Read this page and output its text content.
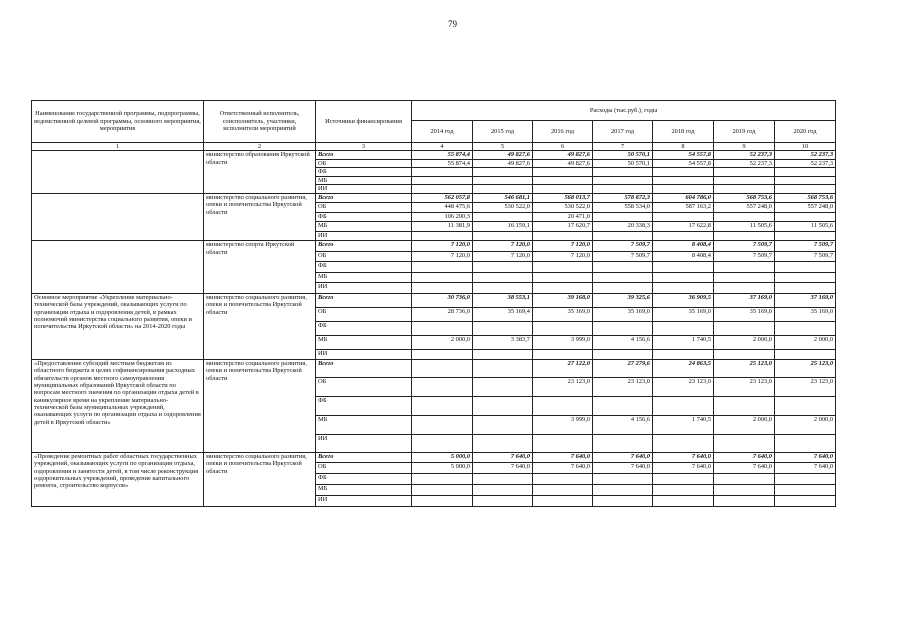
79
Наименование государственной программы, подпрограммы, ведомственной целевой программы, основного мероприятия, мероприятия	Ответственный исполнитель, соисполнитель, участники, исполнители мероприятий	Источники финансирования	Расходы (тыс.руб.), годы						
			2014 год	2015 год	2016 год	2017 год	2018 год	2019 год	2020 год
1	2	3	4	5	6	7	8	9	10
	министерство образования Иркутской области	Всего	55 874,4	49 827,6	49 827,6	50 570,1	54 557,8	52 237,3	52 237,3
		ОБ	55 874,4	49 827,6	49 827,6	50 570,1	54 557,8	52 237,3	52 237,3
		ФБ							
		МБ							
		ИИ							
	министерство социального развития, опеки и попечительства Иркутской области	Всего	562 057,8	546 681,1	568 013,7	578 872,3	604 786,0	568 753,6	568 753,6
		ОБ	448 475,6	530 522,0	530 522,0	558 534,0	587 163,2	557 248,0	557 248,0
		ФБ	106 200,3		20 471,0				
		МБ	11 381,9	16 159,1	17 620,7	20 338,3	17 622,8	11 505,6	11 505,6
		ИИ							
	министерство спорта Иркутской области	Всего	7 120,0	7 120,0	7 120,0	7 509,7	8 408,4	7 509,7	7 509,7
		ОБ	7 120,0	7 120,0	7 120,0	7 509,7	8 408,4	7 509,7	7 509,7
		ФБ							
		МБ							
		ИИ							
Основное мероприятие «Укрепление материально-технической базы учреждений, оказывающих услуги по организации отдыха и оздоровления детей, в рамках полномочий министерства социального развития, опеки и попечительства Иркутской области» на 2014-2020 годы	министерство социального развития, опеки и попечительства Иркутской области	Всего	30 736,0	38 553,1	39 168,0	39 325,6	36 909,5	37 169,0	37 169,0
		ОБ	28 736,0	35 169,4	35 169,0	35 169,0	35 169,0	35 169,0	35 169,0
		ФБ							
		МБ	2 000,0	3 383,7	3 999,0	4 156,6	1 740,5	2 000,0	2 000,0
		ИИ							
«Предоставление субсидий местным бюджетам из областного бюджета в целях софинансирования расходных обязательств органов местного самоуправления муниципальных образований Иркутской области по вопросам местного значения по организации отдыха детей в каникулярное время на укрепление материально-технической базы муниципальных учреждений, оказывающих услуги по организации отдыха и оздоровления детей в Иркутской области»	министерство социального развития, опеки и попечительства Иркутской области	Всего			27 122,0	27 279,6	24 863,5	25 123,0	25 123,0
		ОБ			23 123,0	23 123,0	23 123,0	23 123,0	23 123,0
		ФБ							
		МБ			3 999,0	4 156,6	1 740,5	2 000,0	2 000,0
		ИИ							
«Проведение ремонтных работ областных государственных учреждений, оказывающих услуги по организации отдыха, оздоровления и занятости детей, в том числе реконструкция оздоровительных учреждений, проведение капитального ремонта, строительство корпусов»	министерство социального развития, опеки и попечительства Иркутской области	Всего	5 000,0	7 640,0	7 640,0	7 640,0	7 640,0	7 640,0	7 640,0
		ОБ	5 000,0	7 640,0	7 640,0	7 640,0	7 640,0	7 640,0	7 640,0
		ФБ							
		МБ							
		ИИ							
